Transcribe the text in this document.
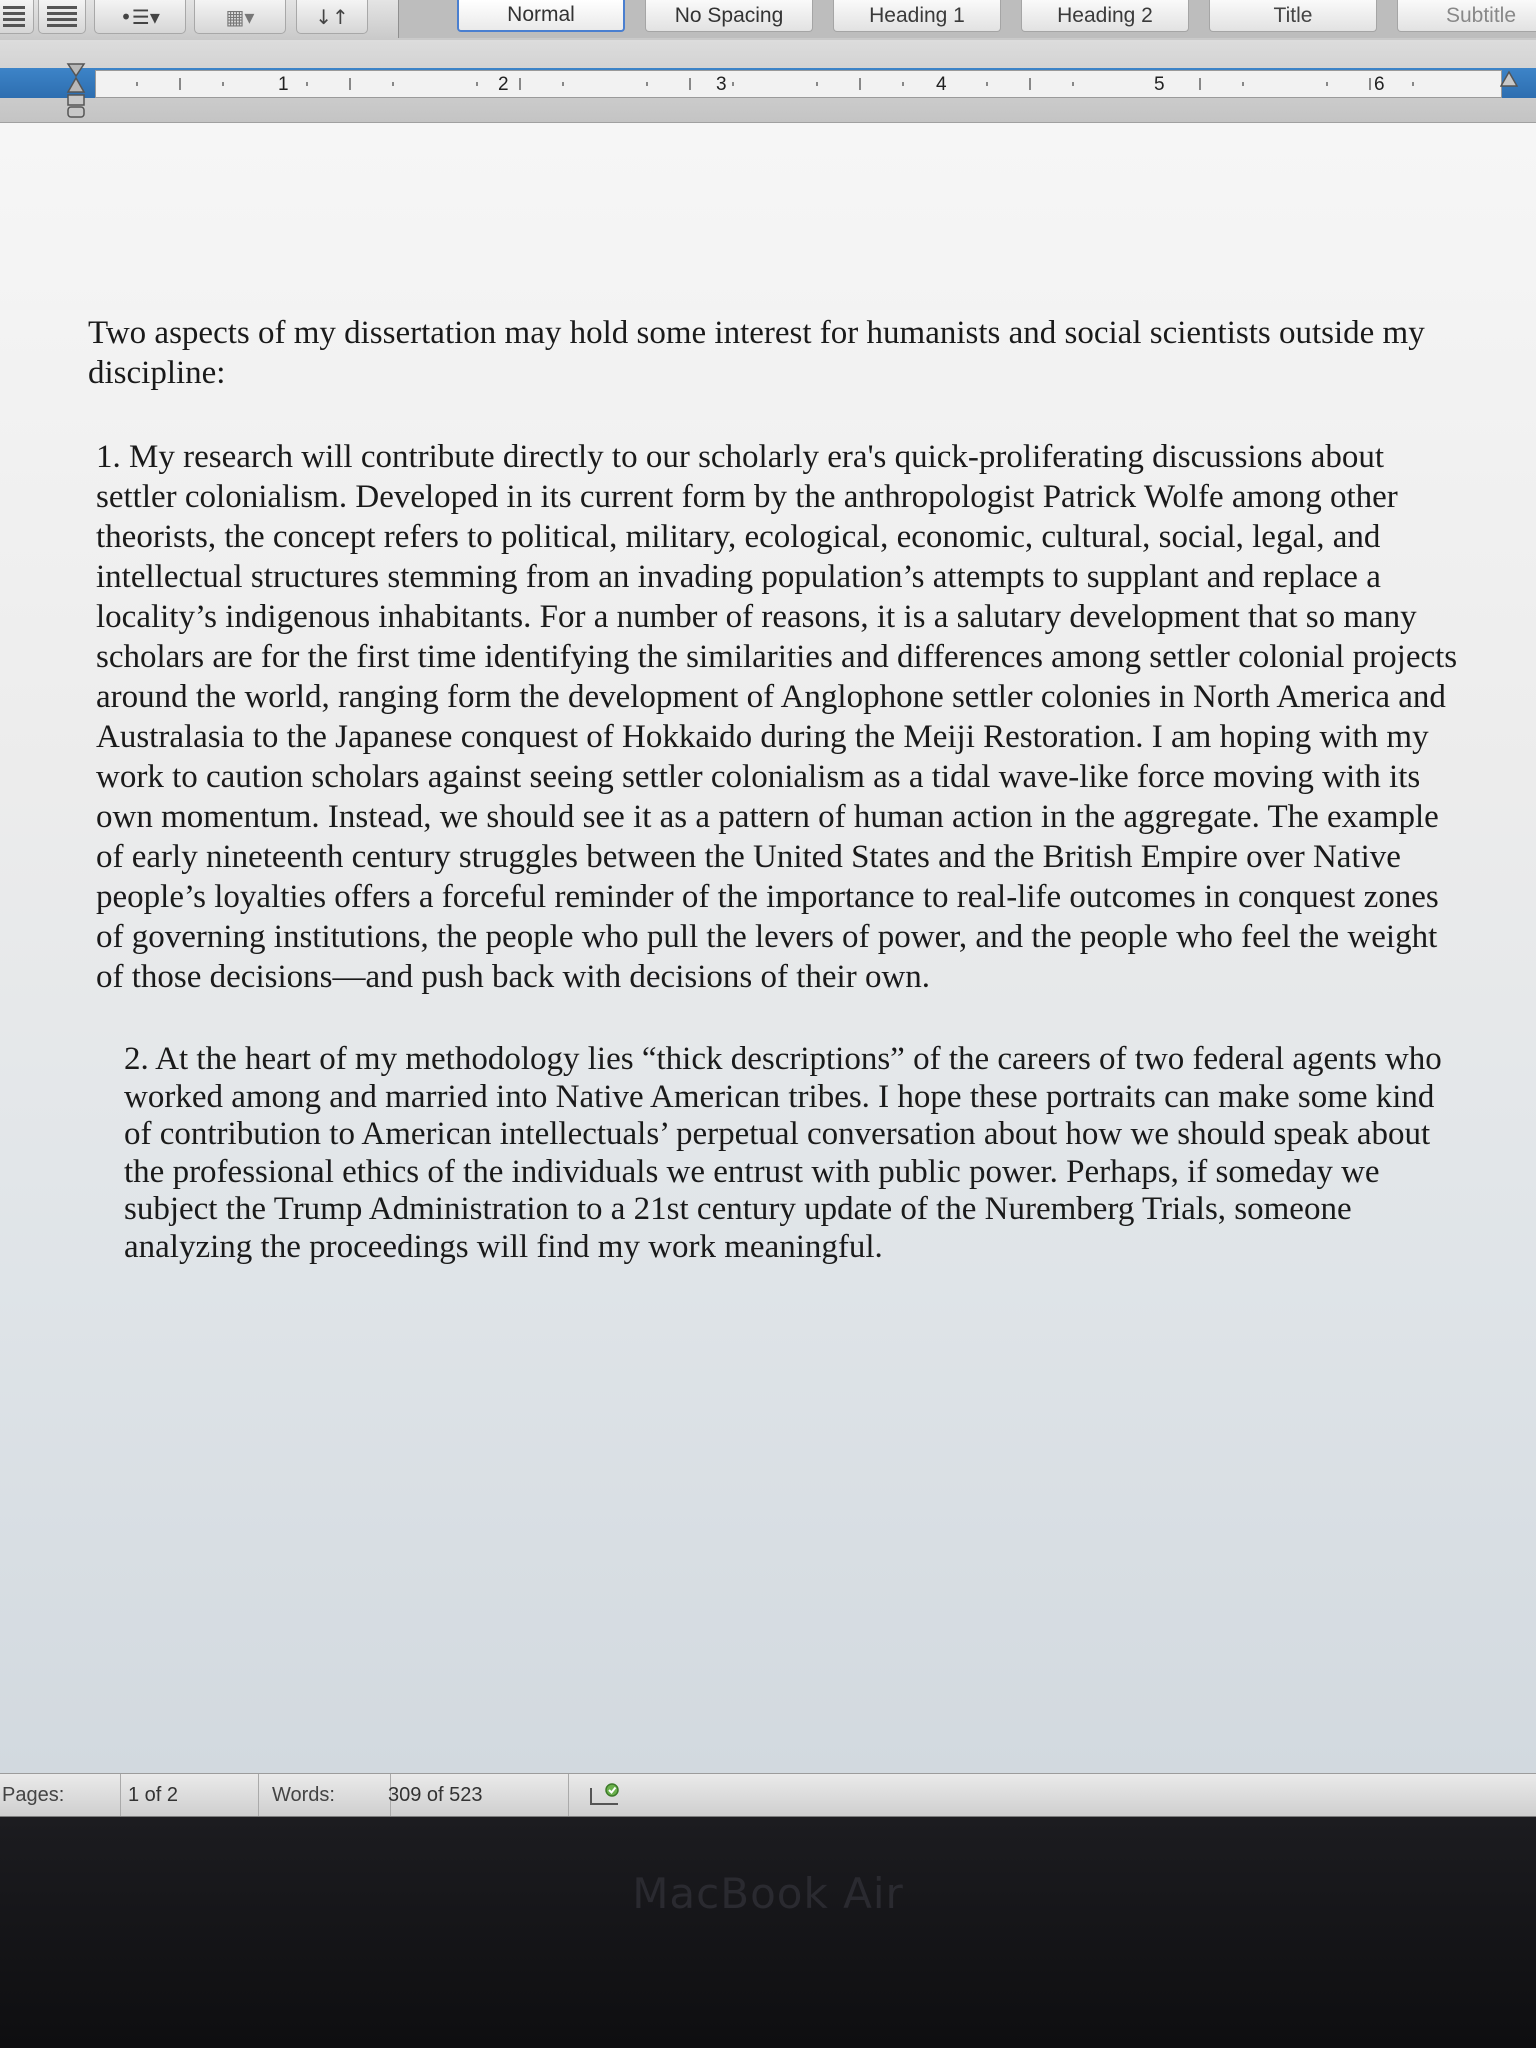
•☰▾	▦▾	↓↑	Normal	No Spacing	Heading 1	Heading 2	Title	Subtitle
1	2	3	4	5	6

Two aspects of my dissertation may hold some interest for humanists and social scientists outside my discipline:

1. My research will contribute directly to our scholarly era's quick-proliferating discussions about settler colonialism. Developed in its current form by the anthropologist Patrick Wolfe among other theorists, the concept refers to political, military, ecological, economic, cultural, social, legal, and intellectual structures stemming from an invading population’s attempts to supplant and replace a locality’s indigenous inhabitants. For a number of reasons, it is a salutary development that so many scholars are for the first time identifying the similarities and differences among settler colonial projects around the world, ranging form the development of Anglophone settler colonies in North America and Australasia to the Japanese conquest of Hokkaido during the Meiji Restoration. I am hoping with my work to caution scholars against seeing settler colonialism as a tidal wave-like force moving with its own momentum. Instead, we should see it as a pattern of human action in the aggregate. The example of early nineteenth century struggles between the United States and the British Empire over Native people’s loyalties offers a forceful reminder of the importance to real-life outcomes in conquest zones of governing institutions, the people who pull the levers of power, and the people who feel the weight of those decisions—and push back with decisions of their own.

2. At the heart of my methodology lies “thick descriptions” of the careers of two federal agents who worked among and married into Native American tribes. I hope these portraits can make some kind of contribution to American intellectuals’ perpetual conversation about how we should speak about the professional ethics of the individuals we entrust with public power. Perhaps, if someday we subject the Trump Administration to a 21st century update of the Nuremberg Trials, someone analyzing the proceedings will find my work meaningful.

Pages:	1 of 2	Words:	309 of 523
MacBook Air
